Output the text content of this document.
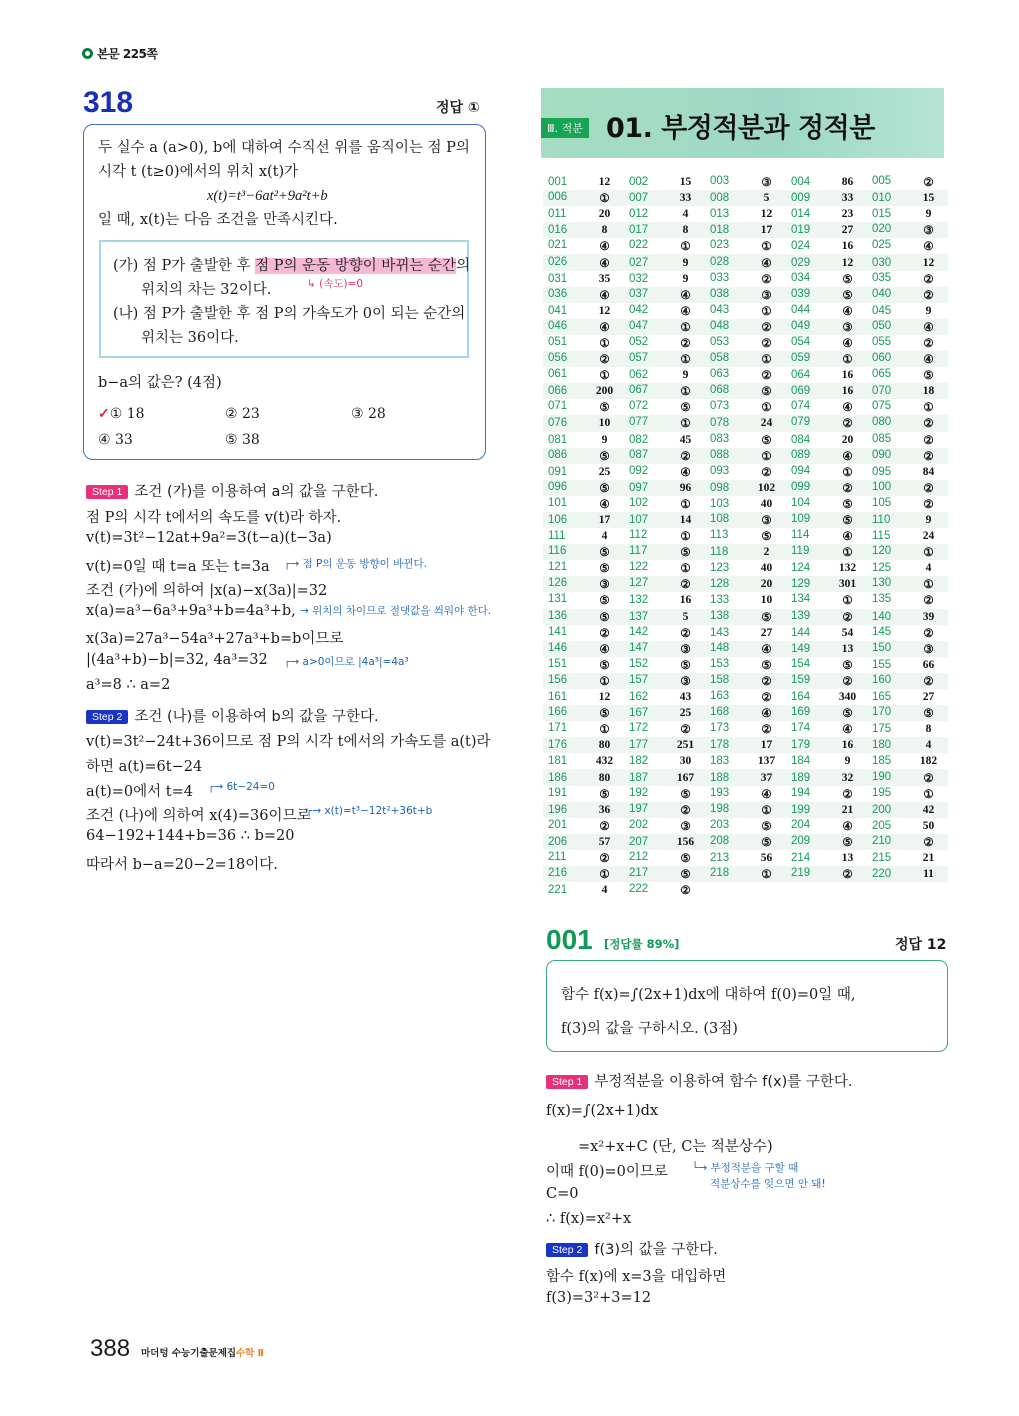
본문 225쪽
318	정답 ①
두 실수 a (a>0), b에 대하여 수직선 위를 움직이는 점 P의
시각 t (t≥0)에서의 위치 x(t)가
x(t)=t³−6at²+9a²t+b
일 때, x(t)는 다음 조건을 만족시킨다.
(가) 점 P가 출발한 후 점 P의 운동 방향이 바뀌는 순간의
위치의 차는 32이다.	↳ (속도)=0
(나) 점 P가 출발한 후 점 P의 가속도가 0이 되는 순간의
위치는 36이다.
b−a의 값은? (4점)
✓① 18	② 23	③ 28
④ 33	⑤ 38
Step 1 조건 (가)를 이용하여 a의 값을 구한다.
점 P의 시각 t에서의 속도를 v(t)라 하자.
v(t)=3t²−12at+9a²=3(t−a)(t−3a)
v(t)=0일 때 t=a 또는 t=3a ┌→ 점 P의 운동 방향이 바뀐다.
조건 (가)에 의하여 |x(a)−x(3a)|=32
x(a)=a³−6a³+9a³+b=4a³+b, → 위치의 차이므로 절댓값을 씌워야 한다.
x(3a)=27a³−54a³+27a³+b=b이므로
|(4a³+b)−b|=32, 4a³=32 ┌→ a>0이므로 |4a³|=4a³
a³=8 ∴ a=2
Step 2 조건 (나)를 이용하여 b의 값을 구한다.
v(t)=3t²−24t+36이므로 점 P의 시각 t에서의 가속도를 a(t)라
하면 a(t)=6t−24
a(t)=0에서 t=4 ┌→ 6t−24=0
조건 (나)에 의하여 x(4)=36이므로
┌→ x(t)=t³−12t²+36t+b
64−192+144+b=36 ∴ b=20
따라서 b−a=20−2=18이다.
Ⅲ. 적분 01. 부정적분과 정적분
001	12	002	15	003	③	004	86	005	②
006	①	007	33	008	5	009	33	010	15
011	20	012	4	013	12	014	23	015	9
016	8	017	8	018	17	019	27	020	③
021	④	022	①	023	①	024	16	025	④
026	④	027	9	028	④	029	12	030	12
031	35	032	9	033	②	034	⑤	035	②
036	④	037	④	038	③	039	⑤	040	②
041	12	042	④	043	①	044	④	045	9
046	④	047	①	048	②	049	③	050	④
051	①	052	②	053	②	054	④	055	②
056	②	057	①	058	①	059	①	060	④
061	①	062	9	063	②	064	16	065	⑤
066	200	067	①	068	⑤	069	16	070	18
071	⑤	072	⑤	073	①	074	④	075	①
076	10	077	①	078	24	079	②	080	②
081	9	082	45	083	⑤	084	20	085	②
086	⑤	087	②	088	①	089	④	090	②
091	25	092	④	093	②	094	①	095	84
096	⑤	097	96	098	102	099	②	100	②
101	④	102	①	103	40	104	⑤	105	②
106	17	107	14	108	③	109	⑤	110	9
111	4	112	①	113	⑤	114	④	115	24
116	⑤	117	⑤	118	2	119	①	120	①
121	⑤	122	①	123	40	124	132	125	4
126	③	127	②	128	20	129	301	130	①
131	⑤	132	16	133	10	134	①	135	②
136	⑤	137	5	138	⑤	139	②	140	39
141	②	142	②	143	27	144	54	145	②
146	④	147	③	148	④	149	13	150	③
151	⑤	152	⑤	153	⑤	154	⑤	155	66
156	①	157	③	158	②	159	②	160	②
161	12	162	43	163	②	164	340	165	27
166	⑤	167	25	168	④	169	⑤	170	⑤
171	①	172	②	173	②	174	④	175	8
176	80	177	251	178	17	179	16	180	4
181	432	182	30	183	137	184	9	185	182
186	80	187	167	188	37	189	32	190	②
191	⑤	192	⑤	193	④	194	②	195	①
196	36	197	②	198	①	199	21	200	42
201	②	202	③	203	⑤	204	④	205	50
206	57	207	156	208	⑤	209	⑤	210	②
211	②	212	⑤	213	56	214	13	215	21
216	①	217	⑤	218	①	219	②	220	11
221	4	222	②
001 [정답률 89%]	정답 12
함수 f(x)=∫(2x+1)dx에 대하여 f(0)=0일 때,
f(3)의 값을 구하시오. (3점)
Step 1 부정적분을 이용하여 함수 f(x)를 구한다.
f(x)=∫(2x+1)dx
=x²+x+C (단, C는 적분상수)
이때 f(0)=0이므로 └→ 부정적분을 구할 때
적분상수를 잊으면 안 돼!
C=0
∴ f(x)=x²+x
Step 2 f(3)의 값을 구한다.
함수 f(x)에 x=3을 대입하면
f(3)=3²+3=12
388 마더텅 수능기출문제집 수학 Ⅱ
